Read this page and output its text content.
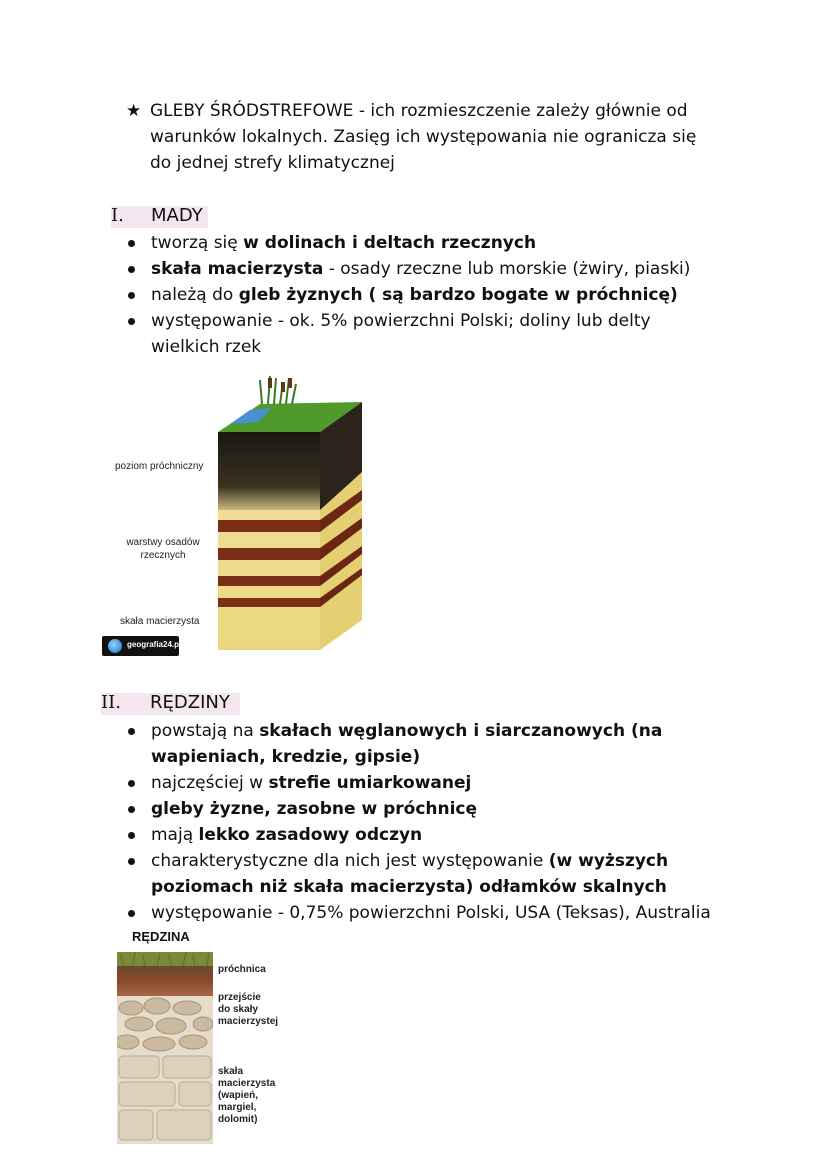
★ GLEBY ŚRÓDSTREFOWE - ich rozmieszczenie zależy głównie od
warunków lokalnych. Zasięg ich występowania nie ogranicza się
do jednej strefy klimatycznej
I. MADY
tworzą się w dolinach i deltach rzecznych
skała macierzysta - osady rzeczne lub morskie (żwiry, piaski)
należą do gleb żyznych ( są bardzo bogate w próchnicę)
występowanie - ok. 5% powierzchni Polski; doliny lub delty
wielkich rzek
poziom próchniczny
warstwy osadów
rzecznych
skała macierzysta
geografia24.pl
II. RĘDZINY
powstają na skałach węglanowych i siarczanowych (na
wapieniach, kredzie, gipsie)
najczęściej w strefie umiarkowanej
gleby żyzne, zasobne w próchnicę
mają lekko zasadowy odczyn
charakterystyczne dla nich jest występowanie (w wyższych
poziomach niż skała macierzysta) odłamków skalnych
występowanie - 0,75% powierzchni Polski, USA (Teksas), Australia
RĘDZINA
próchnica
przejście
do skały
macierzystej
skała
macierzysta
(wapień,
margiel,
dolomit)
